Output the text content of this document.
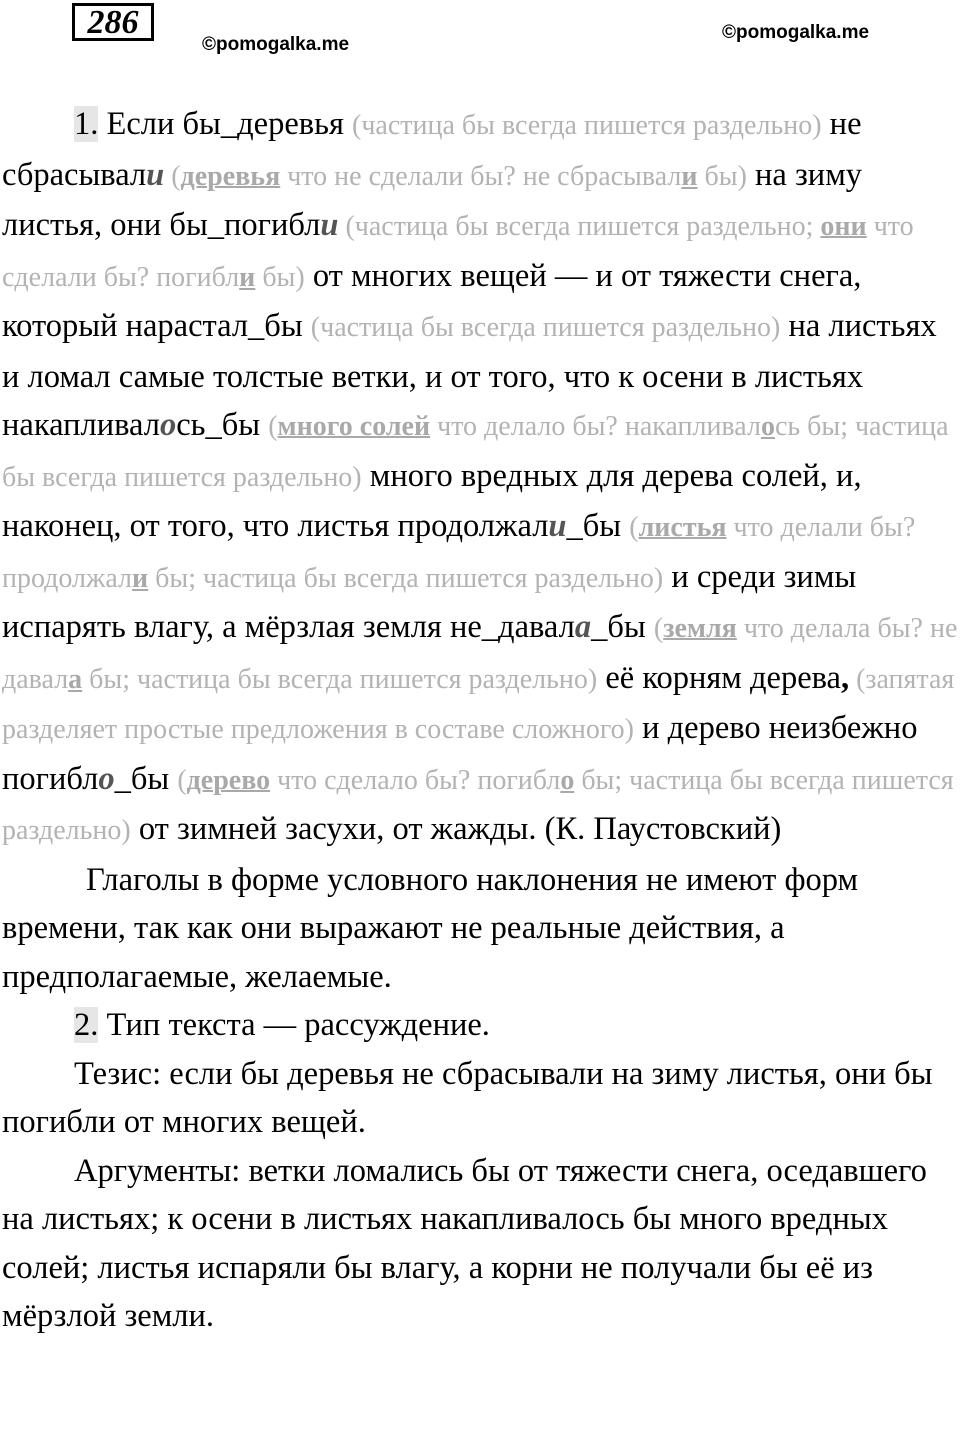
286
©pomogalka.me
©pomogalka.me

1. Если бы_деревья (частица бы всегда пишется раздельно) не сбрасывали (деревья что не сделали бы? не сбрасывали бы) на зиму листья, они бы_погибли (частица бы всегда пишется раздельно; они что сделали бы? погибли бы) от многих вещей — и от тяжести снега, который нарастал_бы (частица бы всегда пишется раздельно) на листьях и ломал самые толстые ветки, и от того, что к осени в листьях накапливалось_бы (много солей что делало бы? накапливалось бы; частица бы всегда пишется раздельно) много вредных для дерева солей, и, наконец, от того, что листья продолжали_бы (листья что делали бы? продолжали бы; частица бы всегда пишется раздельно) и среди зимы испарять влагу, а мёрзлая земля не_давала_бы (земля что делала бы? не давала бы; частица бы всегда пишется раздельно) её корням дерева, (запятая разделяет простые предложения в составе сложного) и дерево неизбежно погибло_бы (дерево что сделало бы? погибло бы; частица бы всегда пишется раздельно) от зимней засухи, от жажды. (К. Паустовский)

Глаголы в форме условного наклонения не имеют форм времени, так как они выражают не реальные действия, а предполагаемые, желаемые.

2. Тип текста — рассуждение.

Тезис: если бы деревья не сбрасывали на зиму листья, они бы погибли от многих вещей.

Аргументы: ветки ломались бы от тяжести снега, оседавшего на листьях; к осени в листьях накапливалось бы много вредных солей; листья испаряли бы влагу, а корни не получали бы её из мёрзлой земли.
